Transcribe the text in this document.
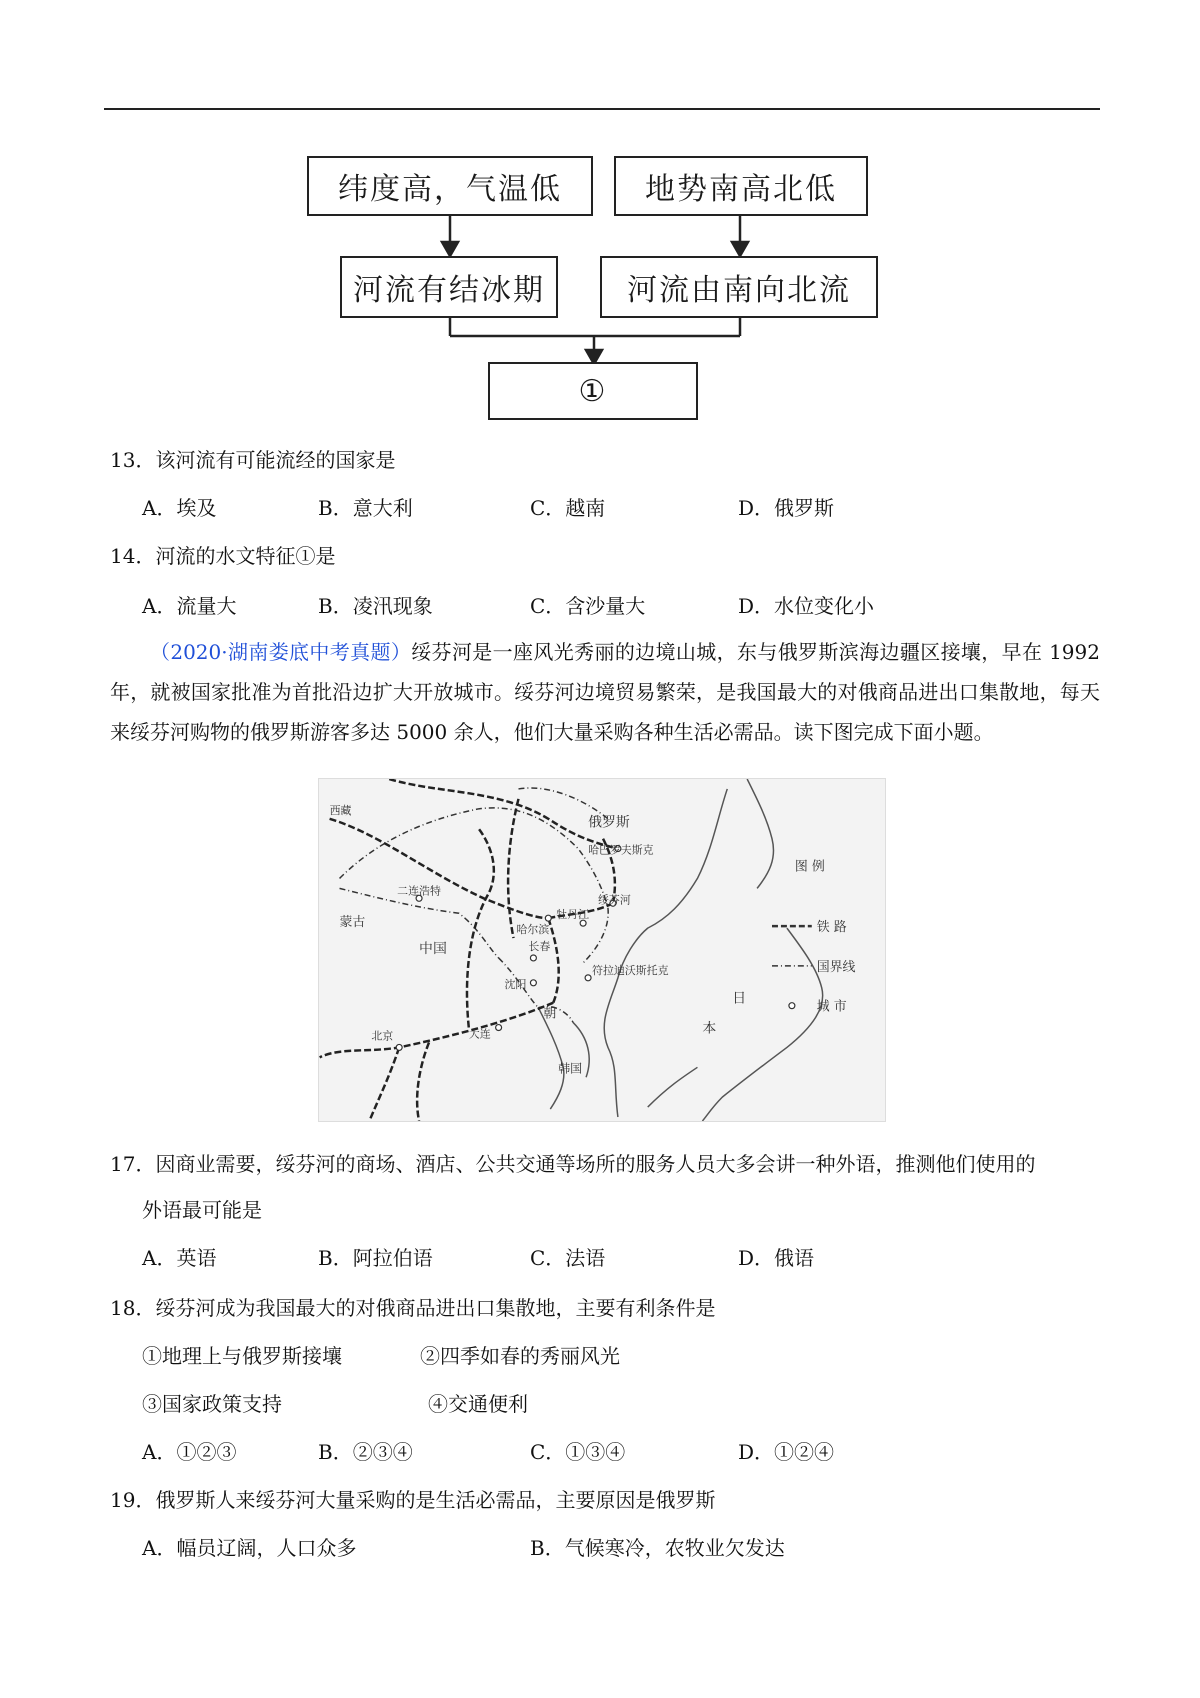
纬度高，气温低	地势南高北低
河流有结冰期	河流由南向北流
①
13．该河流有可能流经的国家是
A．埃及	B．意大利	C．越南	D．俄罗斯
14．河流的水文特征①是
A．流量大	B．凌汛现象	C．含沙量大	D．水位变化小
（2020·湖南娄底中考真题）绥芬河是一座风光秀丽的边境山城，东与俄罗斯滨海边疆区接壤，早在 1992 年，就被国家批准为首批沿边扩大开放城市。绥芬河边境贸易繁荣，是我国最大的对俄商品进出口集散地，每天来绥芬河购物的俄罗斯游客多达 5000 余人，他们大量采购各种生活必需品。读下图完成下面小题。
俄罗斯
哈巴罗夫斯克
绥芬河
哈尔滨
牡丹江
长春
符拉迪沃斯托克
沈阳
大连
北京
二连浩特
蒙古
中国
朝
韩国
日
本
西藏
图 例
铁 路
国界线
城 市
17．因商业需要，绥芬河的商场、酒店、公共交通等场所的服务人员大多会讲一种外语，推测他们使用的
外语最可能是
A．英语	B．阿拉伯语	C．法语	D．俄语
18．绥芬河成为我国最大的对俄商品进出口集散地，主要有利条件是
①地理上与俄罗斯接壤	②四季如春的秀丽风光
③国家政策支持	④交通便利
A．①②③	B．②③④	C．①③④	D．①②④
19．俄罗斯人来绥芬河大量采购的是生活必需品，主要原因是俄罗斯
A．幅员辽阔，人口众多	B．气候寒冷，农牧业欠发达
